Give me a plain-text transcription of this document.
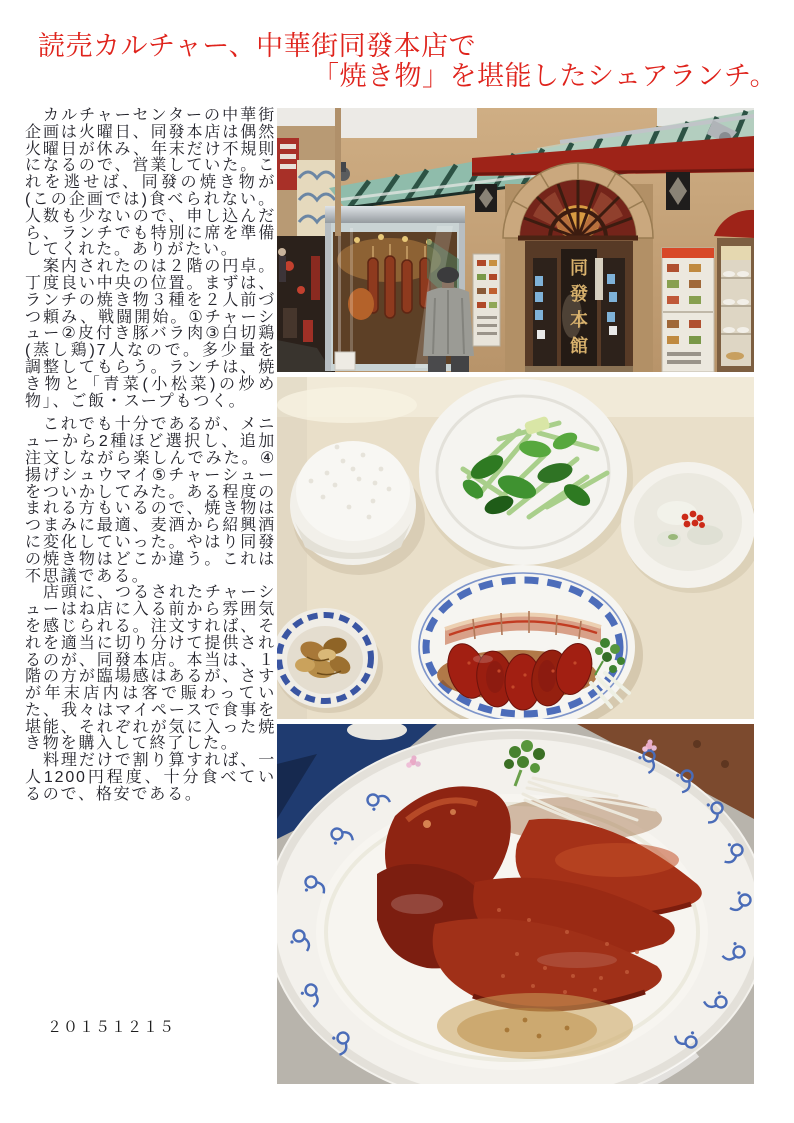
読売カルチャー、中華街同發本店で
「焼き物」を堪能したシェアランチ。

　カルチャーセンターの中華街企画は火曜日、同發本店は偶然火曜日が休み、年末だけ不規則になるので、営業していた。これを逃せば、同發の焼き物が(この企画では)食べられない。人数も少ないので、申し込んだら、ランチでも特別に席を準備してくれた。ありがたい。

　案内されたのは２階の円卓。丁度良い中央の位置。まずは、ランチの焼き物３種を２人前づつ頼み、戦闘開始。①チャーシュー②皮付き豚バラ肉③白切鶏(蒸し鶏)7人なので。多少量を調整してもらう。ランチは、焼き物と「青菜(小松菜)の炒め物」、ご飯・スープもつく。

　これでも十分であるが、メニューから2種ほど選択し、追加注文しながら楽しんでみた。④揚げシュウマイ⑤チャーシューをついかしてみた。ある程度のまれる方もいるので、焼き物はつまみに最適、麦酒から紹興酒に変化していった。やはり同發の焼き物はどこか違う。これは不思議である。

　店頭に、つるされたチャーシューはね店に入る前から雰囲気を感じられる。注文すれば、それを適当に切り分けて提供されるのが、同發本店。本当は、１階の方が臨場感はあるが、さすが年末店内は客で賑わっていた、我々はマイペースで食事を堪能、それぞれが気に入った焼き物を購入して終了した。

　料理だけで割り算すれば、一人1200円程度、十分食べているので、格安である。

同
發
本
館
２０１５１２１５
